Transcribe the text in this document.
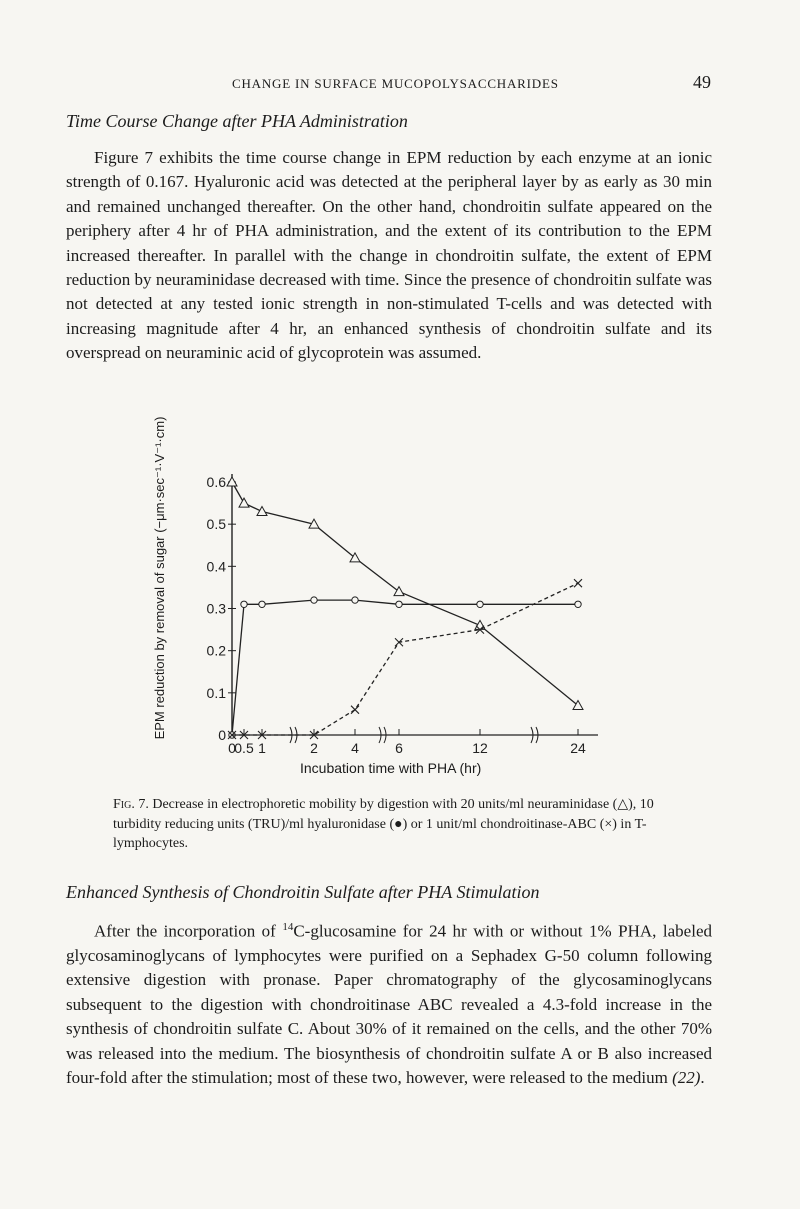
CHANGE IN SURFACE MUCOPOLYSACCHARIDES	49
Time Course Change after PHA Administration

Figure 7 exhibits the time course change in EPM reduction by each enzyme at an ionic strength of 0.167. Hyaluronic acid was detected at the peripheral layer by as early as 30 min and remained unchanged thereafter. On the other hand, chondroitin sulfate appeared on the periphery after 4 hr of PHA administration, and the extent of its contribution to the EPM increased thereafter. In parallel with the change in chondroitin sulfate, the extent of EPM reduction by neuraminidase decreased with time. Since the presence of chondroitin sulfate was not detected at any tested ionic strength in non-stimulated T-cells and was detected with increasing magnitude after 4 hr, an enhanced synthesis of chondroitin sulfate and its overspread on neuraminic acid of glycoprotein was assumed.

0
0.1
0.2
0.3
0.4
0.5
0.6
0
0.5 1	2 4	6	12	24
EPM reduction by removal of sugar (−μm·sec⁻¹·V⁻¹·cm)
Incubation time with PHA (hr)

Fig. 7. Decrease in electrophoretic mobility by digestion with 20 units/ml neuraminidase (△), 10 turbidity reducing units (TRU)/ml hyaluronidase (●) or 1 unit/ml chondroitinase-ABC (×) in T-lymphocytes.

Enhanced Synthesis of Chondroitin Sulfate after PHA Stimulation

After the incorporation of $^{14}$C-glucosamine for 24 hr with or without 1% PHA, labeled glycosaminoglycans of lymphocytes were purified on a Sephadex G-50 column following extensive digestion with pronase. Paper chromatography of the glycosaminoglycans subsequent to the digestion with chondroitinase ABC revealed a 4.3-fold increase in the synthesis of chondroitin sulfate C. About 30% of it remained on the cells, and the other 70% was released into the medium. The biosynthesis of chondroitin sulfate A or B also increased four-fold after the stimulation; most of these two, however, were released to the medium (22).
